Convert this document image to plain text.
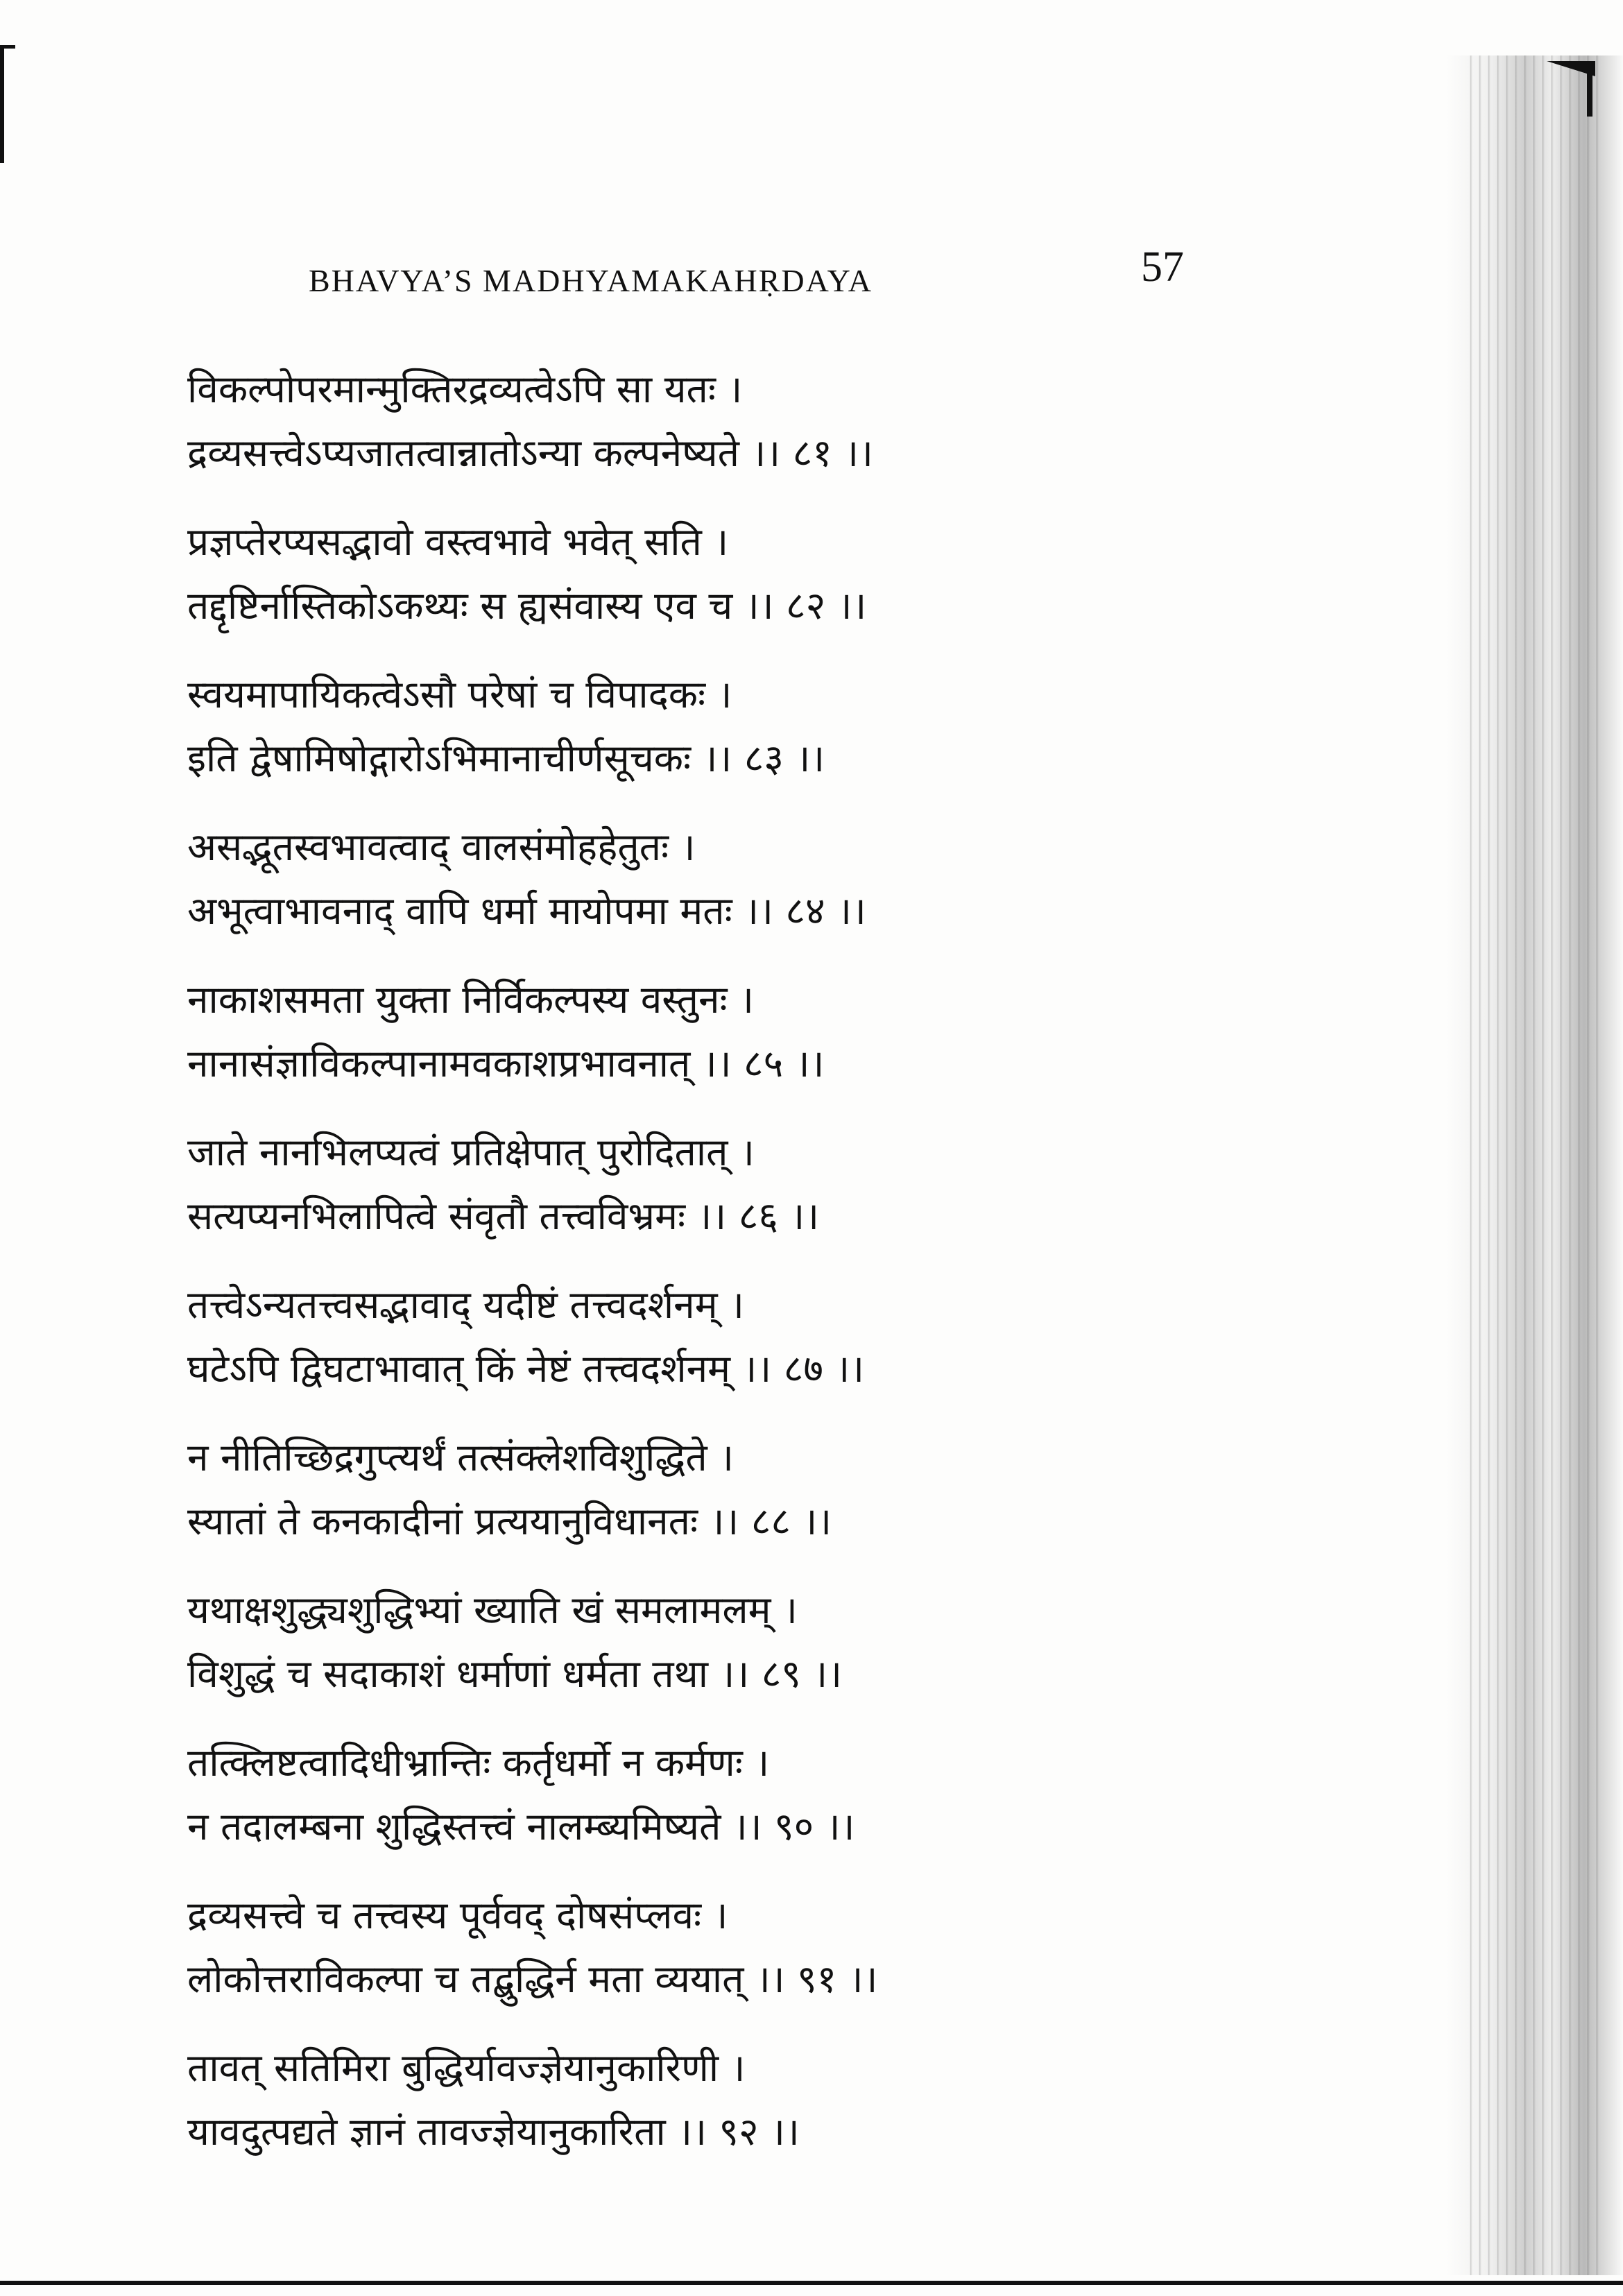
BHAVYA’S MADHYAMAKAHṚDAYA	57
विकल्पोपरमान्मुक्तिरद्रव्यत्वेऽपि सा यतः ।
द्रव्यसत्त्वेऽप्यजातत्वान्नातोऽन्या कल्पनेष्यते ।। ८१ ।।
प्रज्ञप्तेरप्यसद्भावो वस्त्वभावे भवेत् सति ।
तद्दृष्टिर्नास्तिकोऽकथ्यः स ह्यसंवास्य एव च ।। ८२ ।।
स्वयमापायिकत्वेऽसौ परेषां च विपादकः ।
इति द्वेषामिषोद्गारोऽभिमानाचीर्णसूचकः ।। ८३ ।।
असद्भूतस्वभावत्वाद् वालसंमोहहेतुतः ।
अभूत्वाभावनाद् वापि धर्मा मायोपमा मतः ।। ८४ ।।
नाकाशसमता युक्ता निर्विकल्पस्य वस्तुनः ।
नानासंज्ञाविकल्पानामवकाशप्रभावनात् ।। ८५ ।।
जाते नानभिलप्यत्वं प्रतिक्षेपात् पुरोदितात् ।
सत्यप्यनभिलापित्वे संवृतौ तत्त्वविभ्रमः ।। ८६ ।।
तत्त्वेऽन्यतत्त्वसद्भावाद् यदीष्टं तत्त्वदर्शनम् ।
घटेऽपि द्विघटाभावात् किं नेष्टं तत्त्वदर्शनम् ।। ८७ ।।
न नीतिच्छिद्रगुप्त्यर्थं तत्संक्लेशविशुद्धिते ।
स्यातां ते कनकादीनां प्रत्ययानुविधानतः ।। ८८ ।।
यथाक्षशुद्ध्यशुद्धिभ्यां ख्याति खं समलामलम् ।
विशुद्धं च सदाकाशं धर्माणां धर्मता तथा ।। ८९ ।।
तत्क्लिष्टत्वादिधीभ्रान्तिः कर्तृधर्मो न कर्मणः ।
न तदालम्बना शुद्धिस्तत्त्वं नालम्ब्यमिष्यते ।। ९० ।।
द्रव्यसत्त्वे च तत्त्वस्य पूर्ववद् दोषसंप्लवः ।
लोकोत्तराविकल्पा च तद्बुद्धिर्न मता व्ययात् ।। ९१ ।।
तावत् सतिमिरा बुद्धिर्यावज्ज्ञेयानुकारिणी ।
यावदुत्पद्यते ज्ञानं तावज्ज्ञेयानुकारिता ।। ९२ ।।
